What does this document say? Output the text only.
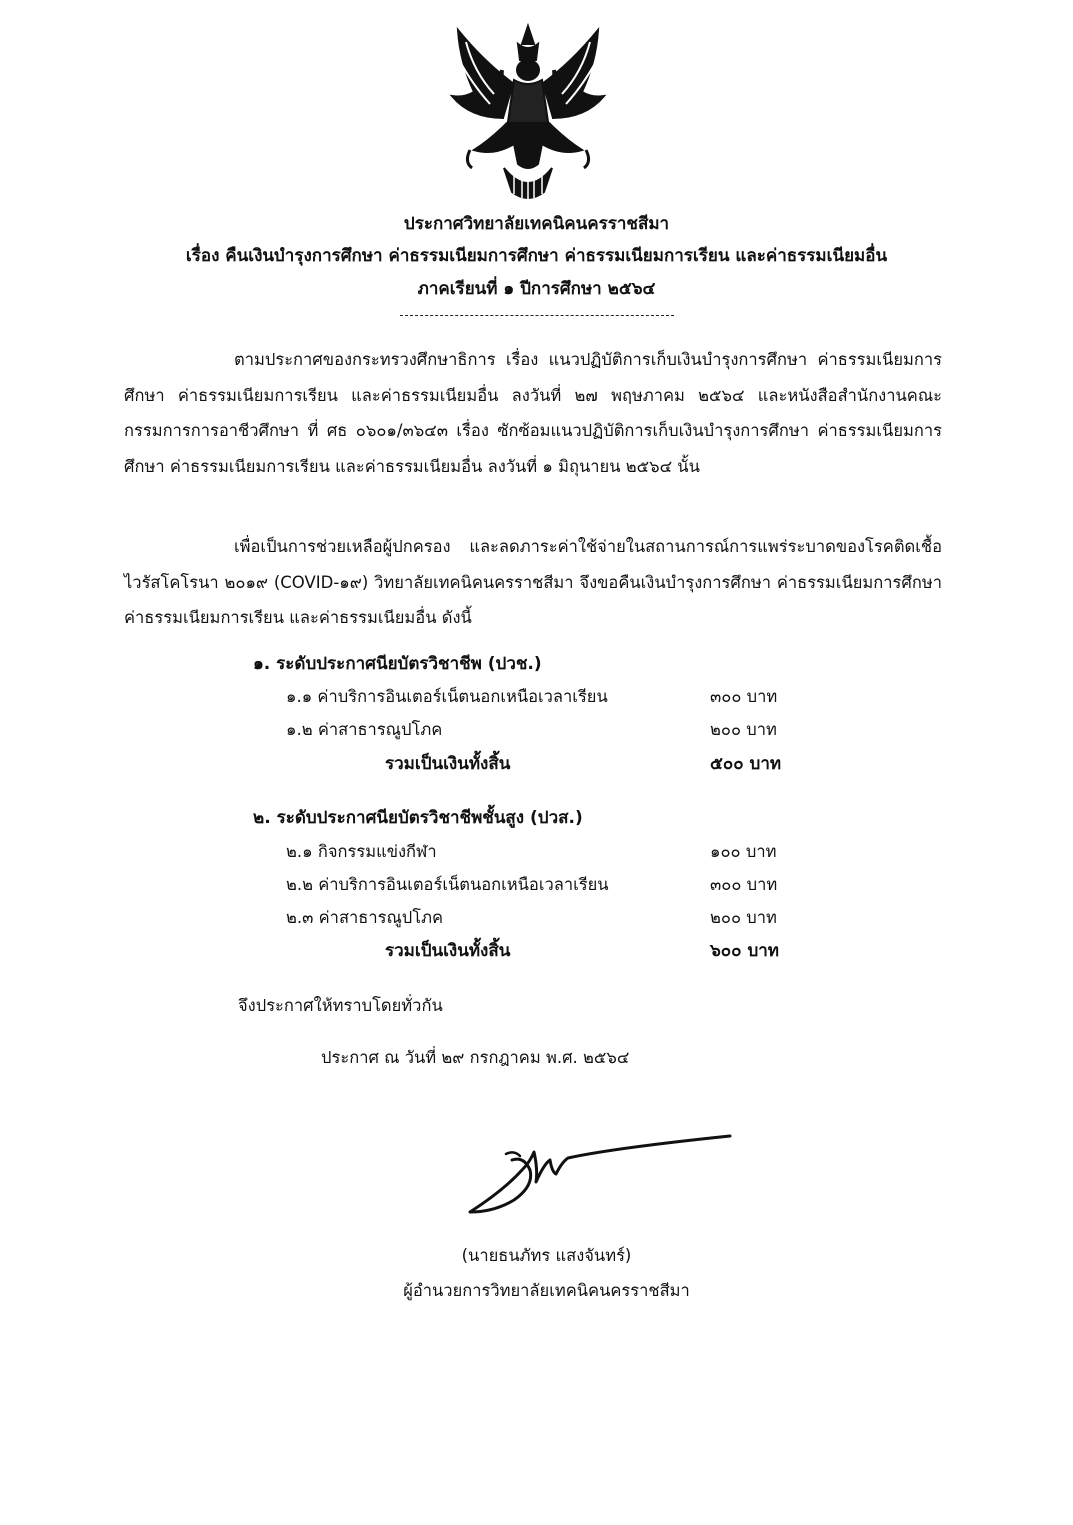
ประกาศวิทยาลัยเทคนิคนครราชสีมา
เรื่อง คืนเงินบำรุงการศึกษา ค่าธรรมเนียมการศึกษา ค่าธรรมเนียมการเรียน และค่าธรรมเนียมอื่น
ภาคเรียนที่ ๑ ปีการศึกษา ๒๕๖๔
ตามประกาศของกระทรวงศึกษาธิการ เรื่อง แนวปฏิบัติการเก็บเงินบำรุงการศึกษา ค่าธรรมเนียมการศึกษา ค่าธรรมเนียมการเรียน และค่าธรรมเนียมอื่น ลงวันที่ ๒๗ พฤษภาคม ๒๕๖๔ และหนังสือสำนักงานคณะกรรมการการอาชีวศึกษา ที่ ศธ ๐๖๐๑/๓๖๔๓ เรื่อง ซักซ้อมแนวปฏิบัติการเก็บเงินบำรุงการศึกษา ค่าธรรมเนียมการศึกษา ค่าธรรมเนียมการเรียน และค่าธรรมเนียมอื่น ลงวันที่ ๑ มิถุนายน ๒๕๖๔ นั้น
เพื่อเป็นการช่วยเหลือผู้ปกครอง และลดภาระค่าใช้จ่ายในสถานการณ์การแพร่ระบาดของโรคติดเชื้อไวรัสโคโรนา ๒๐๑๙ (COVID-๑๙) วิทยาลัยเทคนิคนครราชสีมา จึงขอคืนเงินบำรุงการศึกษา ค่าธรรมเนียมการศึกษา ค่าธรรมเนียมการเรียน และค่าธรรมเนียมอื่น ดังนี้
๑. ระดับประกาศนียบัตรวิชาชีพ (ปวช.)
๑.๑ ค่าบริการอินเตอร์เน็ตนอกเหนือเวลาเรียน	๓๐๐ บาท
๑.๒ ค่าสาธารณูปโภค	๒๐๐ บาท
รวมเป็นเงินทั้งสิ้น	๕๐๐ บาท
๒. ระดับประกาศนียบัตรวิชาชีพชั้นสูง (ปวส.)
๒.๑ กิจกรรมแข่งกีฬา	๑๐๐ บาท
๒.๒ ค่าบริการอินเตอร์เน็ตนอกเหนือเวลาเรียน	๓๐๐ บาท
๒.๓ ค่าสาธารณูปโภค	๒๐๐ บาท
รวมเป็นเงินทั้งสิ้น	๖๐๐ บาท
จึงประกาศให้ทราบโดยทั่วกัน
ประกาศ ณ วันที่ ๒๙ กรกฎาคม พ.ศ. ๒๕๖๔
(นายธนภัทร แสงจันทร์)
ผู้อำนวยการวิทยาลัยเทคนิคนครราชสีมา
